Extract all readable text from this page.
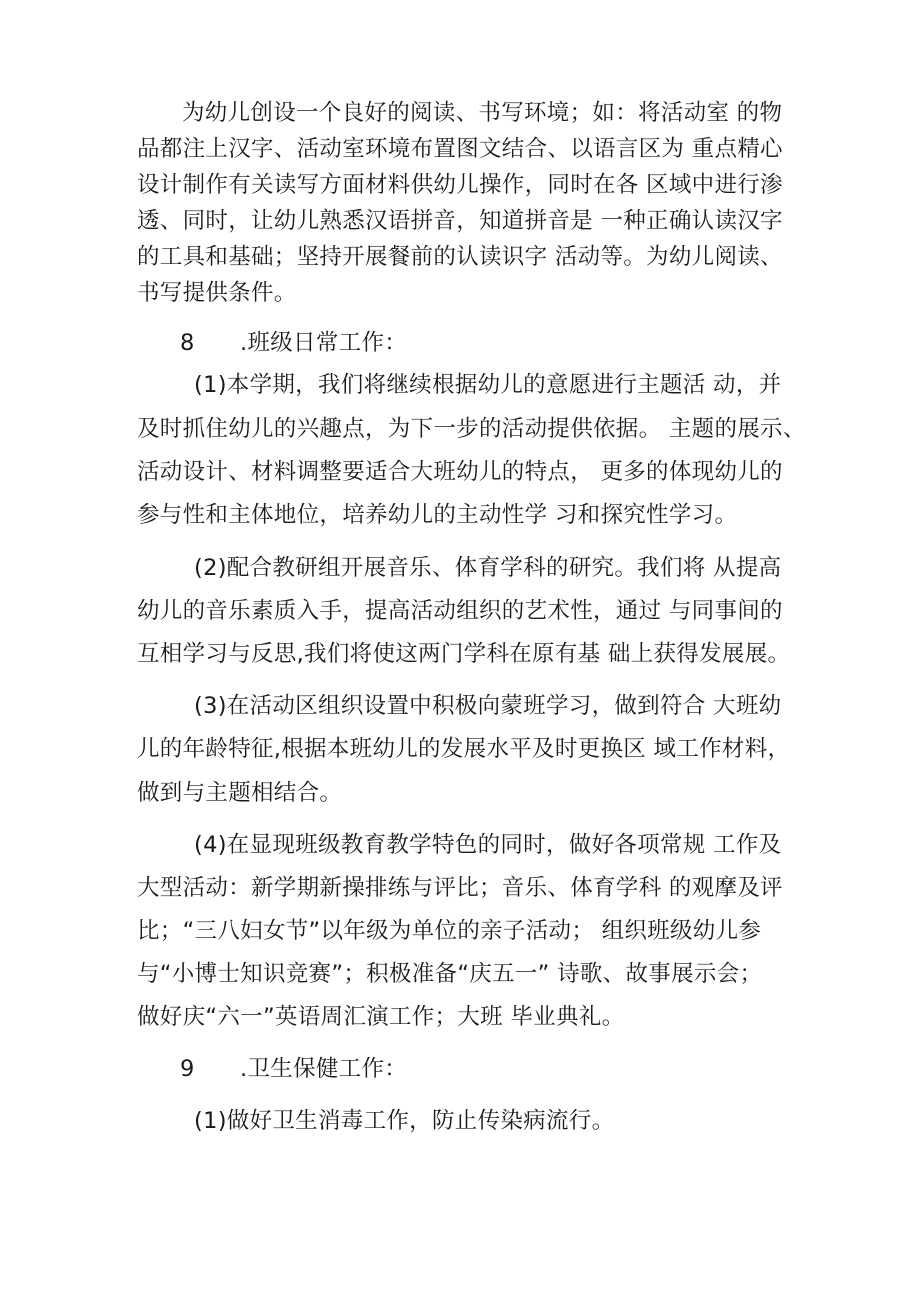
为幼儿创设一个良好的阅读、书写环境；如：将活动室 的物
品都注上汉字、活动室环境布置图文结合、以语言区为 重点精心
设计制作有关读写方面材料供幼儿操作，同时在各 区域中进行渗
透、同时，让幼儿熟悉汉语拼音，知道拼音是 一种正确认读汉字
的工具和基础；坚持开展餐前的认读识字 活动等。为幼儿阅读、
书写提供条件。
8 .班级日常工作：
(1)本学期，我们将继续根据幼儿的意愿进行主题活 动，并
及时抓住幼儿的兴趣点，为下一步的活动提供依据。 主题的展示、
活动设计、材料调整要适合大班幼儿的特点， 更多的体现幼儿的
参与性和主体地位，培养幼儿的主动性学 习和探究性学习。
(2)配合教研组开展音乐、体育学科的研究。我们将 从提高
幼儿的音乐素质入手，提高活动组织的艺术性，通过 与同事间的
互相学习与反思,我们将使这两门学科在原有基 础上获得发展展。
(3)在活动区组织设置中积极向蒙班学习，做到符合 大班幼
儿的年龄特征,根据本班幼儿的发展水平及时更换区 域工作材料，
做到与主题相结合。
(4)在显现班级教育教学特色的同时，做好各项常规 工作及
大型活动：新学期新操排练与评比；音乐、体育学科 的观摩及评
比；“三八妇女节”以年级为单位的亲子活动； 组织班级幼儿参
与“小博士知识竞赛”；积极准备“庆五一” 诗歌、故事展示会；
做好庆“六一”英语周汇演工作；大班 毕业典礼。
9 .卫生保健工作：
(1)做好卫生消毒工作，防止传染病流行。
